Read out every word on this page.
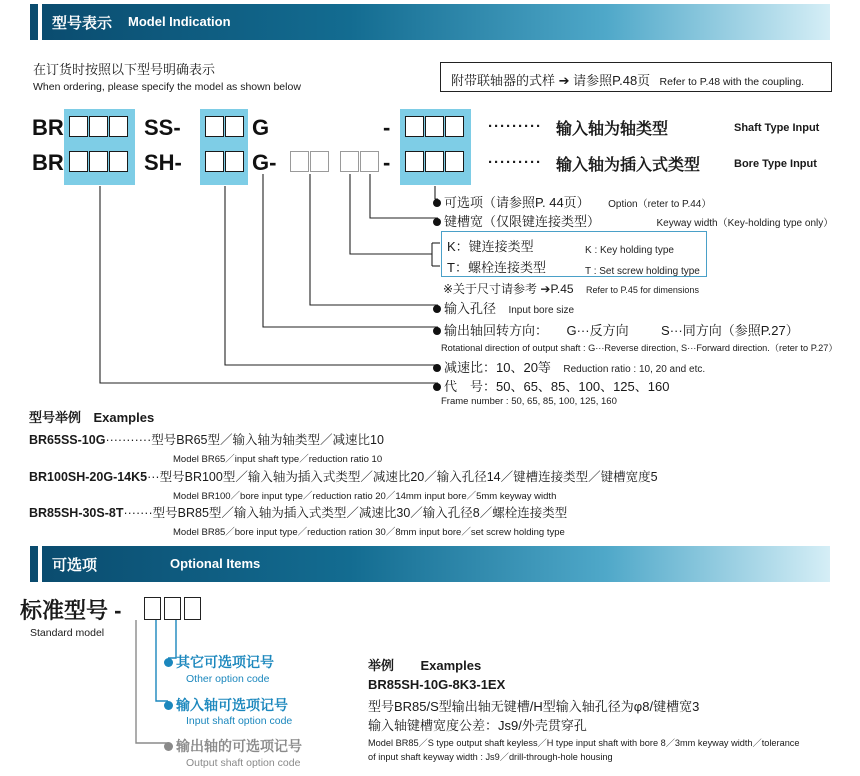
型号表示 Model Indication
在订货时按照以下型号明确表示
When ordering, please specify the model as shown below	附带联轴器的式样 ➔ 请参照P.48页 Refer to P.48 with the coupling.
BR	SS-	G	-	········· 输入轴为轴类型	Shaft Type Input
BR	SH-	G-	-	········· 输入轴为插入式类型	Bore Type Input
可选项（请参照P. 44页） Option（reter to P.44）
键槽宽（仅限键连接类型）	Keyway width（Key-holding type only）
K：键连接类型	K : Key holding type
T：螺栓连接类型	T : Set screw holding type
※关于尺寸请参考 ➔P.45 Refer to P.45 for dimensions
输入孔径 Input bore size
输出轴回转方向： G···反方向 S···同方向（参照P.27）
Rotational direction of output shaft : G···Reverse direction, S···Forward direction.（reter to P.27）
减速比：10、20等 Reduction ratio : 10, 20 and etc.
代　号：50、65、85、100、125、160
Frame number : 50, 65, 85, 100, 125, 160
型号举例 Examples
BR65SS-10G···········型号BR65型／输入轴为轴类型／减速比10
Model BR65／input shaft type／reduction ratio 10
BR100SH-20G-14K5···型号BR100型／输入轴为插入式类型／减速比20／输入孔径14／键槽连接类型／键槽宽度5
Model BR100／bore input type／reduction ratio 20／14mm input bore／5mm keyway width
BR85SH-30S-8T·······型号BR85型／输入轴为插入式类型／减速比30／输入孔径8／螺栓连接类型
Model BR85／bore input type／reduction ration 30／8mm input bore／set screw holding type
可选项	Optional Items
标准型号 -
Standard model
其它可选项记号
Other option code
输入轴可选项记号
Input shaft option code
输出轴的可选项记号
Output shaft option code
举例 Examples
BR85SH-10G-8K3-1EX
型号BR85/S型输出轴无键槽/H型输入轴孔径为φ8/键槽宽3
输入轴键槽宽度公差：Js9/外壳贯穿孔
Model BR85／S type output shaft keyless／H type input shaft with bore 8／3mm keyway width／tolerance
of input shaft keyway width : Js9／drill-through-hole housing
